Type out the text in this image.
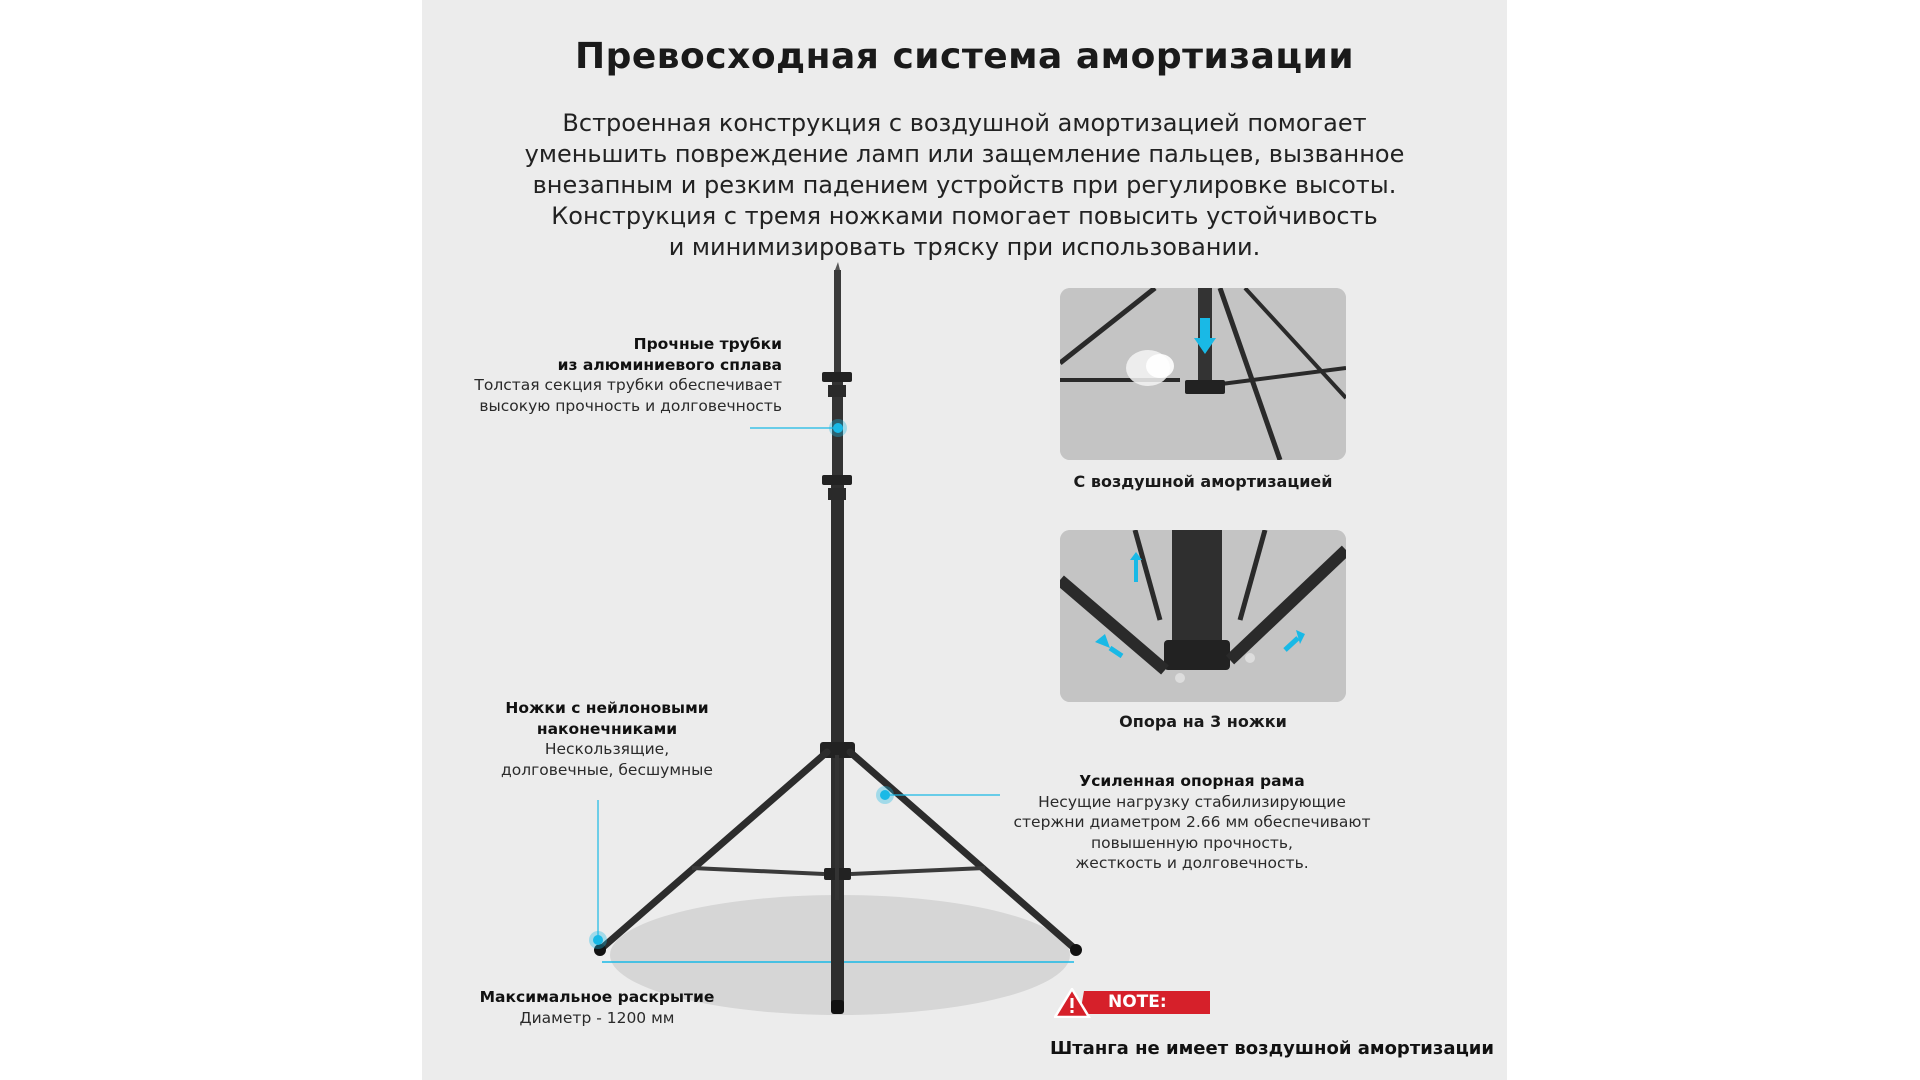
Превосходная система амортизации
Встроенная конструкция с воздушной амортизацией помогает
уменьшить повреждение ламп или защемление пальцев, вызванное
внезапным и резким падением устройств при регулировке высоты.
Конструкция с тремя ножками помогает повысить устойчивость
и минимизировать тряску при использовании.
Прочные трубки
из алюминиевого сплава
Толстая секция трубки обеспечивает
высокую прочность и долговечность
Ножки с нейлоновыми
наконечниками
Нескользящие,
долговечные, бесшумные
Усиленная опорная рама
Несущие нагрузку стабилизирующие
стержни диаметром 2.66 мм обеспечивают
повышенную прочность,
жесткость и долговечность.
Максимальное раскрытие
Диаметр - 1200 мм
С воздушной амортизацией
Опора на 3 ножки
NOTE:
Штанга не имеет воздушной амортизации
